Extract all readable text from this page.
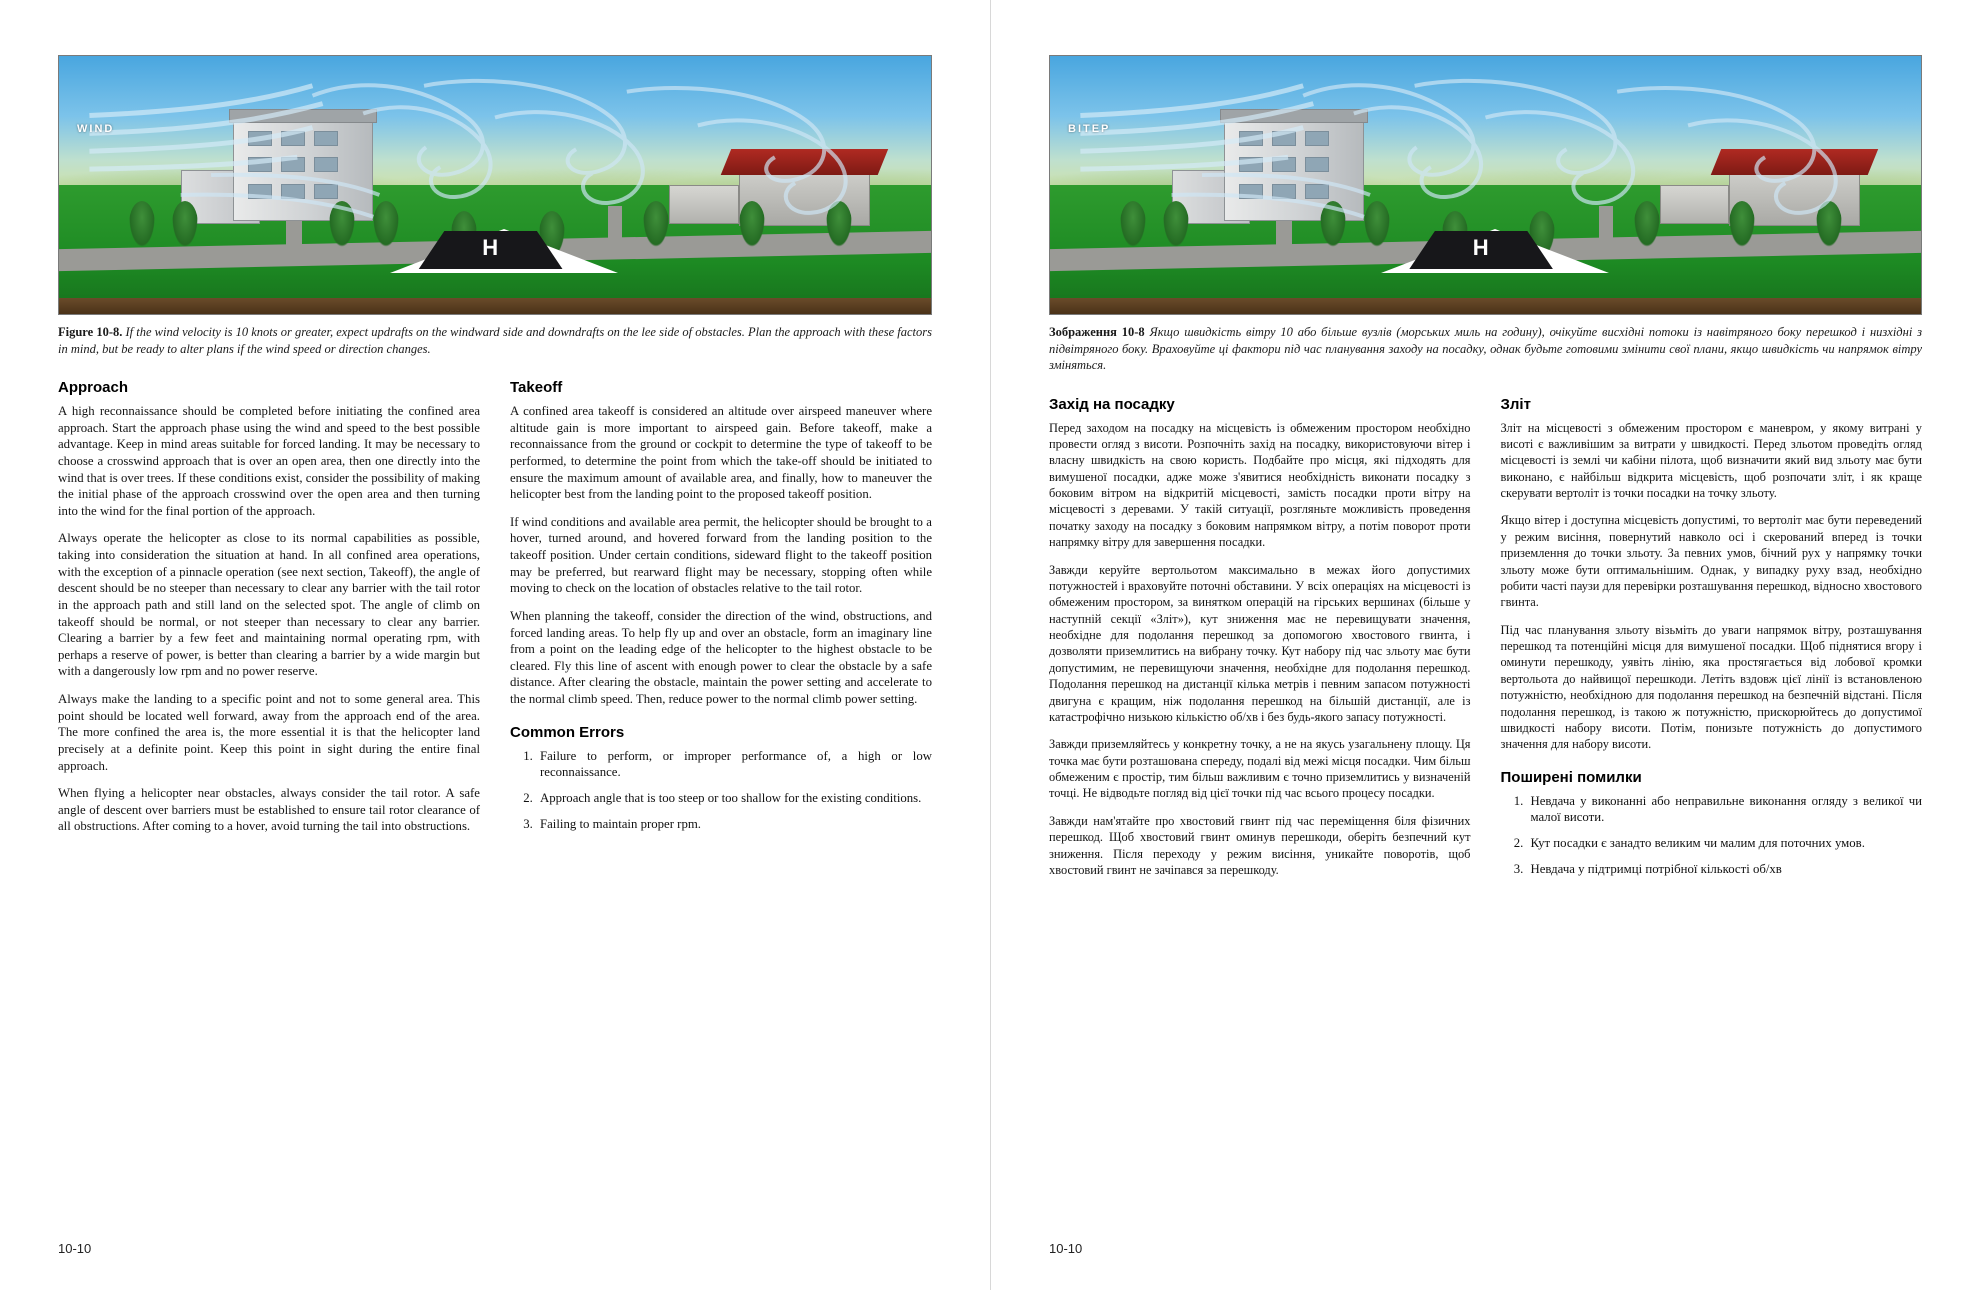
H
WIND
Figure 10-8. If the wind velocity is 10 knots or greater, expect updrafts on the windward side and downdrafts on the lee side of obstacles. Plan the approach with these factors in mind, but be ready to alter plans if the wind speed or direction changes.
Approach

A high reconnaissance should be completed before initiating the confined area approach. Start the approach phase using the wind and speed to the best possible advantage. Keep in mind areas suitable for forced landing. It may be necessary to choose a crosswind approach that is over an open area, then one directly into the wind that is over trees. If these conditions exist, consider the possibility of making the initial phase of the approach crosswind over the open area and then turning into the wind for the final portion of the approach.

Always operate the helicopter as close to its normal capabilities as possible, taking into consideration the situation at hand. In all confined area operations, with the exception of a pinnacle operation (see next section, Takeoff), the angle of descent should be no steeper than necessary to clear any barrier with the tail rotor in the approach path and still land on the selected spot. The angle of climb on takeoff should be normal, or not steeper than necessary to clear any barrier. Clearing a barrier by a few feet and maintaining normal operating rpm, with perhaps a reserve of power, is better than clearing a barrier by a wide margin but with a dangerously low rpm and no power reserve.

Always make the landing to a specific point and not to some general area. This point should be located well forward, away from the approach end of the area. The more confined the area is, the more essential it is that the helicopter land precisely at a definite point. Keep this point in sight during the entire final approach.

When flying a helicopter near obstacles, always consider the tail rotor. A safe angle of descent over barriers must be established to ensure tail rotor clearance of all obstructions. After coming to a hover, avoid turning the tail into obstructions.

Takeoff

A confined area takeoff is considered an altitude over airspeed maneuver where altitude gain is more important to airspeed gain. Before takeoff, make a reconnaissance from the ground or cockpit to determine the type of takeoff to be performed, to determine the point from which the take-off should be initiated to ensure the maximum amount of available area, and finally, how to maneuver the helicopter best from the landing point to the proposed takeoff position.

If wind conditions and available area permit, the helicopter should be brought to a hover, turned around, and hovered forward from the landing position to the takeoff position. Under certain conditions, sideward flight to the takeoff position may be preferred, but rearward flight may be necessary, stopping often while moving to check on the location of obstacles relative to the tail rotor.

When planning the takeoff, consider the direction of the wind, obstructions, and forced landing areas. To help fly up and over an obstacle, form an imaginary line from a point on the leading edge of the helicopter to the highest obstacle to be cleared. Fly this line of ascent with enough power to clear the obstacle by a safe distance. After clearing the obstacle, maintain the power setting and accelerate to the normal climb speed. Then, reduce power to the normal climb power setting.

Common Errors
1. Failure to perform, or improper performance of, a high or low reconnaissance.
2. Approach angle that is too steep or too shallow for the existing conditions.
3. Failing to maintain proper rpm.
10-10
H
ВІТЕР
Зображення 10-8 Якщо швидкість вітру 10 або більше вузлів (морських миль на годину), очікуйте висхідні потоки із навітряного боку перешкод і низхідні з підвітряного боку. Враховуйте ці фактори під час планування заходу на посадку, однак будьте готовими змінити свої плани, якщо швидкість чи напрямок вітру зміняться.
Захід на посадку

Перед заходом на посадку на місцевість із обмеженим простором необхідно провести огляд з висоти. Розпочніть захід на посадку, використовуючи вітер і власну швидкість на свою користь. Подбайте про місця, які підходять для вимушеної посадки, адже може з'явитися необхідність виконати посадку з боковим вітром на відкритій місцевості, замість посадки проти вітру на місцевості з деревами. У такій ситуації, розгляньте можливість проведення початку заходу на посадку з боковим напрямком вітру, а потім поворот проти напрямку вітру для завершення посадки.

Завжди керуйте вертольотом максимально в межах його допустимих потужностей і враховуйте поточні обставини. У всіх операціях на місцевості із обмеженим простором, за винятком операцій на гірських вершинах (більше у наступній секції «Зліт»), кут зниження має не перевищувати значення, необхідне для подолання перешкод за допомогою хвостового гвинта, і дозволяти приземлитись на вибрану точку. Кут набору під час зльоту має бути допустимим, не перевищуючи значення, необхідне для подолання перешкод. Подолання перешкод на дистанції кілька метрів і певним запасом потужності двигуна є кращим, ніж подолання перешкод на більшій дистанції, але із катастрофічно низькою кількістю об/хв і без будь-якого запасу потужності.

Завжди приземляйтесь у конкретну точку, а не на якусь узагальнену площу. Ця точка має бути розташована спереду, подалі від межі місця посадки. Чим більш обмеженим є простір, тим більш важливим є точно приземлитись у визначеній точці. Не відводьте погляд від цієї точки під час всього процесу посадки.

Завжди нам'ятайте про хвостовий гвинт під час переміщення біля фізичних перешкод. Щоб хвостовий гвинт оминув перешкоди, оберіть безпечний кут зниження. Після переходу у режим висіння, уникайте поворотів, щоб хвостовий гвинт не зачіпався за перешкоду.

Зліт

Зліт на місцевості з обмеженим простором є маневром, у якому витрані у висоті є важливішим за витрати у швидкості. Перед зльотом проведіть огляд місцевості із землі чи кабіни пілота, щоб визначити який вид зльоту має бути виконано, є найбільш відкрита місцевість, щоб розпочати зліт, і як краще скерувати вертоліт із точки посадки на точку зльоту.

Якщо вітер і доступна місцевість допустимі, то вертоліт має бути переведений у режим висіння, повернутий навколо осі і скерований вперед із точки приземлення до точки зльоту. За певних умов, бічний рух у напрямку точки зльоту може бути оптимальнішим. Однак, у випадку руху взад, необхідно робити часті паузи для перевірки розташування перешкод, відносно хвостового гвинта.

Під час планування зльоту візьміть до уваги напрямок вітру, розташування перешкод та потенційні місця для вимушеної посадки. Щоб піднятися вгору і оминути перешкоду, уявіть лінію, яка простягається від лобової кромки вертольота до найвищої перешкоди. Летіть вздовж цієї лінії із встановленою потужністю, необхідною для подолання перешкод на безпечній відстані. Після подолання перешкод, із такою ж потужністю, прискорюйтесь до допустимої швидкості набору висоти. Потім, понизьте потужність до допустимого значення для набору висоти.

Поширені помилки
1. Невдача у виконанні або неправильне виконання огляду з великої чи малої висоти.
2. Кут посадки є занадто великим чи малим для поточних умов.
3. Невдача у підтримці потрібної кількості об/хв
10-10
